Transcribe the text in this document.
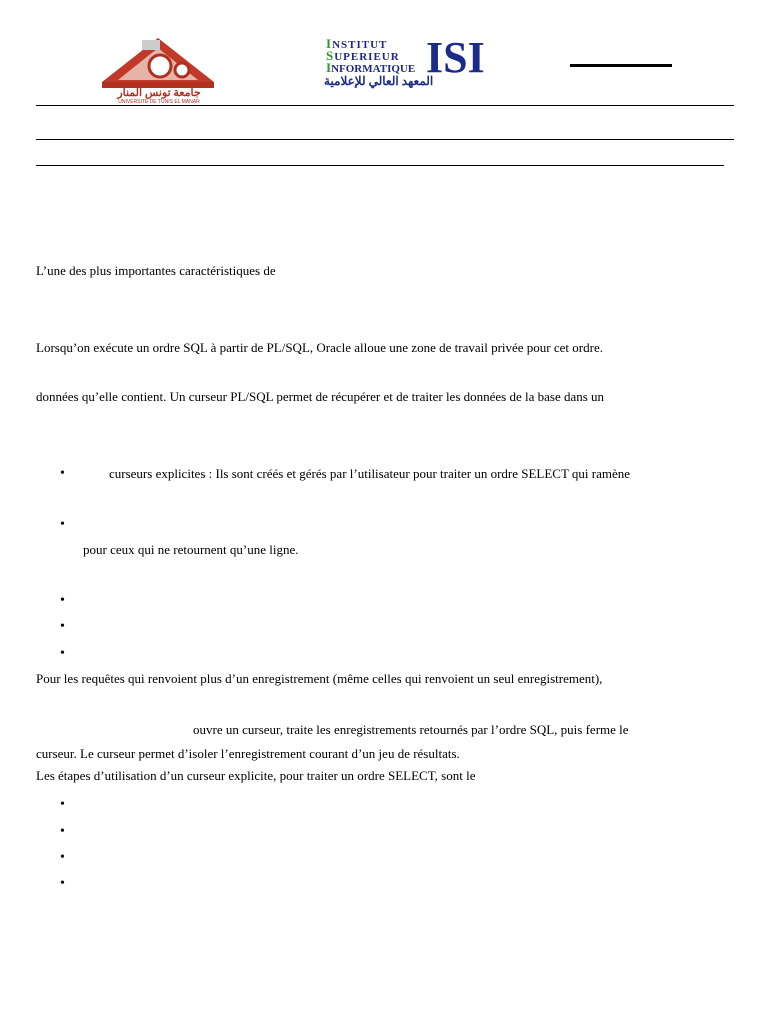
جامعة تونس المنار
UNIVERSITE DE TUNIS EL MANAR
INSTITUT
SUPERIEUR
INFORMATIQUE ISI
المعهد العالي للإعلامية
L’une des plus importantes caractéristiques de
Lorsqu’on exécute un ordre SQL à partir de PL/SQL, Oracle alloue une zone de travail privée pour cet ordre.
données qu’elle contient. Un curseur PL/SQL permet de récupérer et de traiter les données de la base dans un
•	curseurs explicites : Ils sont créés et gérés par l’utilisateur pour traiter un ordre SELECT qui ramène
•
pour ceux qui ne retournent qu’une ligne.
•
•
•
Pour les requêtes qui renvoient plus d’un enregistrement (même celles qui renvoient un seul enregistrement),
ouvre un curseur, traite les enregistrements retournés par l’ordre SQL, puis ferme le
curseur. Le curseur permet d’isoler l’enregistrement courant d’un jeu de résultats.
Les étapes d’utilisation d’un curseur explicite, pour traiter un ordre SELECT, sont le
•
•
•
•
